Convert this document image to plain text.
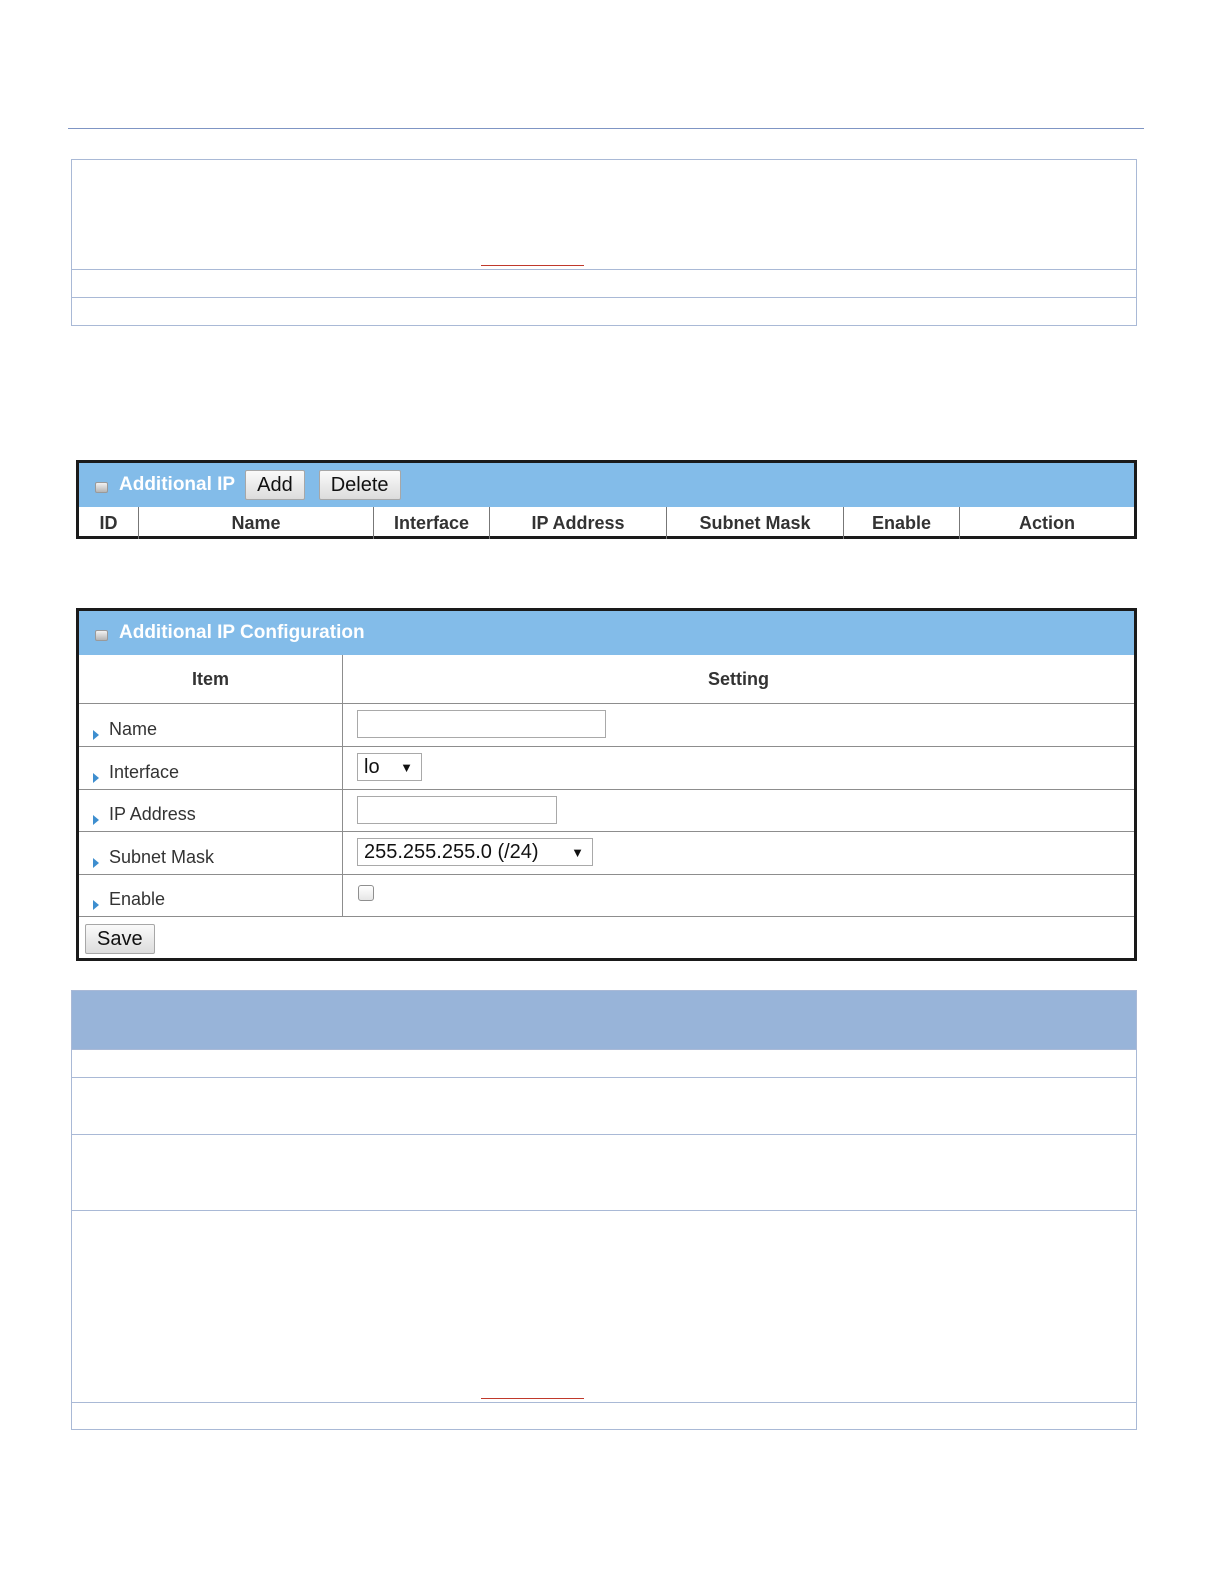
Additional IP	Add	Delete
ID	Name	Interface	IP Address	Subnet Mask	Enable	Action
Additional IP Configuration
Item	Setting
Name
Interface	lo ▼
IP Address
Subnet Mask	255.255.255.0 (/24)	▼
Enable
Save
